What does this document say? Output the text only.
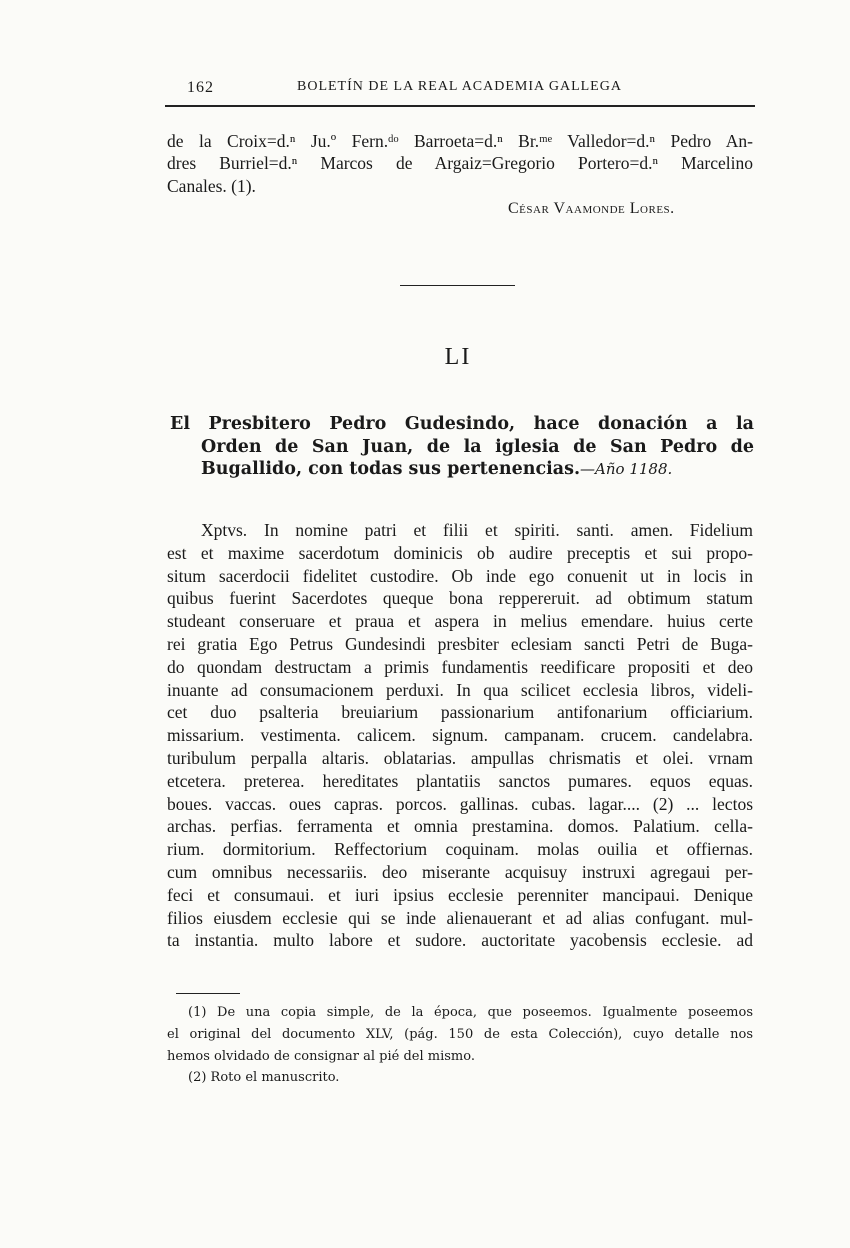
162	BOLETÍN DE LA REAL ACADEMIA GALLEGA
de la Croix=d.ⁿ Ju.º Fern.ᵈᵒ Barroeta=d.ⁿ Br.ᵐᵉ Valledor=d.ⁿ Pedro An-
dres Burriel=d.ⁿ Marcos de Argaiz=Gregorio Portero=d.ⁿ Marcelino
Canales. (1).
César Vaamonde Lores.
LI
El Presbitero Pedro Gudesindo, hace donación a la
Orden de San Juan, de la iglesia de San Pedro de
Bugallido, con todas sus pertenencias.—Año 1188.
Xptvs. In nomine patri et filii et spiriti. santi. amen. Fidelium
est et maxime sacerdotum dominicis ob audire preceptis et sui propo-
situm sacerdocii fidelitet custodire. Ob inde ego conuenit ut in locis in
quibus fuerint Sacerdotes queque bona reppereruit. ad obtimum statum
studeant conseruare et praua et aspera in melius emendare. huius certe
rei gratia Ego Petrus Gundesindi presbiter eclesiam sancti Petri de Buga-
do quondam destructam a primis fundamentis reedificare propositi et deo
inuante ad consumacionem perduxi. In qua scilicet ecclesia libros, videli-
cet duo psalteria breuiarium passionarium antifonarium officiarium.
missarium. vestimenta. calicem. signum. campanam. crucem. candelabra.
turibulum perpalla altaris. oblatarias. ampullas chrismatis et olei. vrnam
etcetera. preterea. hereditates plantatiis sanctos pumares. equos equas.
boues. vaccas. oues capras. porcos. gallinas. cubas. lagar.... (2) ... lectos
archas. perfias. ferramenta et omnia prestamina. domos. Palatium. cella-
rium. dormitorium. Reffectorium coquinam. molas ouilia et offiernas.
cum omnibus necessariis. deo miserante acquisuy instruxi agregaui per-
feci et consumaui. et iuri ipsius ecclesie perenniter mancipaui. Denique
filios eiusdem ecclesie qui se inde alienauerant et ad alias confugant. mul-
ta instantia. multo labore et sudore. auctoritate yacobensis ecclesie. ad
(1) De una copia simple, de la época, que poseemos. Igualmente poseemos
el original del documento XLV, (pág. 150 de esta Colección), cuyo detalle nos
hemos olvidado de consignar al pié del mismo.
(2) Roto el manuscrito.
